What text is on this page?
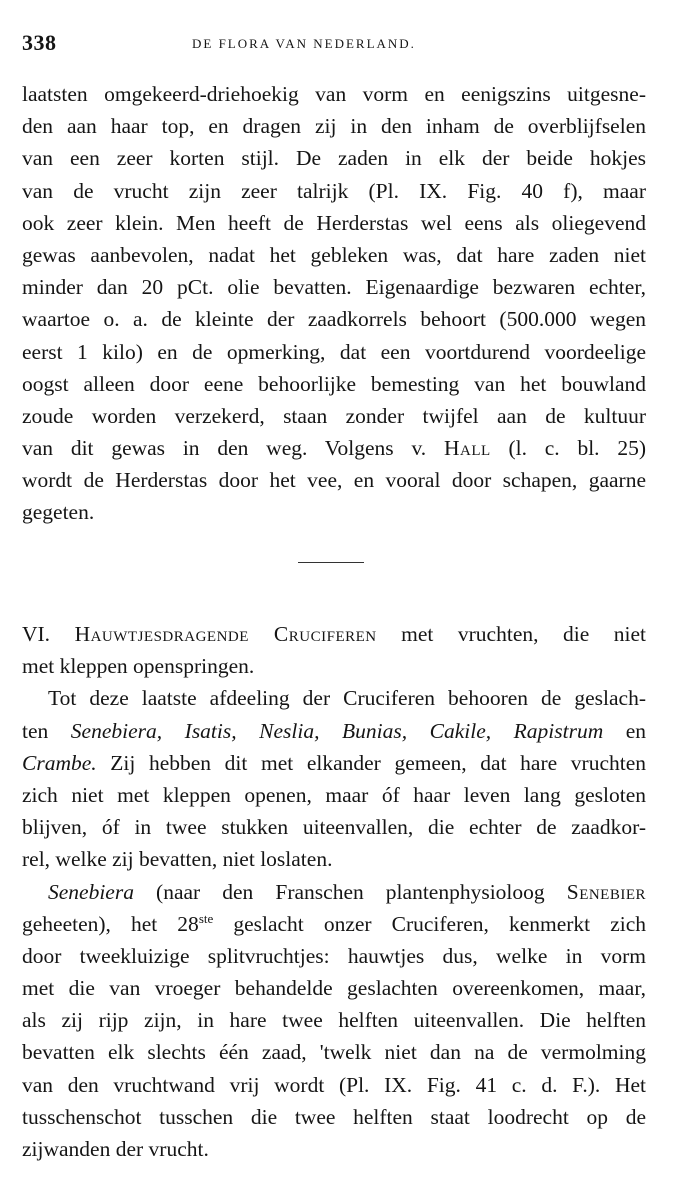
338	DE FLORA VAN NEDERLAND.
laatsten omgekeerd-driehoekig van vorm en eenigszins uitgesne-
den aan haar top, en dragen zij in den inham de overblijfselen
van een zeer korten stijl. De zaden in elk der beide hokjes
van de vrucht zijn zeer talrijk (Pl. IX. Fig. 40 f), maar
ook zeer klein. Men heeft de Herderstas wel eens als oliegevend
gewas aanbevolen, nadat het gebleken was, dat hare zaden niet
minder dan 20 pCt. olie bevatten. Eigenaardige bezwaren echter,
waartoe o. a. de kleinte der zaadkorrels behoort (500.000 wegen
eerst 1 kilo) en de opmerking, dat een voortdurend voordeelige
oogst alleen door eene behoorlijke bemesting van het bouwland
zoude worden verzekerd, staan zonder twijfel aan de kultuur
van dit gewas in den weg. Volgens v. Hall (l. c. bl. 25)
wordt de Herderstas door het vee, en vooral door schapen, gaarne
gegeten.
VI. Hauwtjesdragende Cruciferen met vruchten, die niet
met kleppen openspringen.
Tot deze laatste afdeeling der Cruciferen behooren de geslach-
ten Senebiera, Isatis, Neslia, Bunias, Cakile, Rapistrum en
Crambe. Zij hebben dit met elkander gemeen, dat hare vruchten
zich niet met kleppen openen, maar óf haar leven lang gesloten
blijven, óf in twee stukken uiteenvallen, die echter de zaadkor-
rel, welke zij bevatten, niet loslaten.
Senebiera (naar den Franschen plantenphysioloog Senebier
geheeten), het 28ste geslacht onzer Cruciferen, kenmerkt zich
door tweekluizige splitvruchtjes: hauwtjes dus, welke in vorm
met die van vroeger behandelde geslachten overeenkomen, maar,
als zij rijp zijn, in hare twee helften uiteenvallen. Die helften
bevatten elk slechts één zaad, 'twelk niet dan na de vermolming
van den vruchtwand vrij wordt (Pl. IX. Fig. 41 c. d. F.). Het
tusschenschot tusschen die twee helften staat loodrecht op de
zijwanden der vrucht.
